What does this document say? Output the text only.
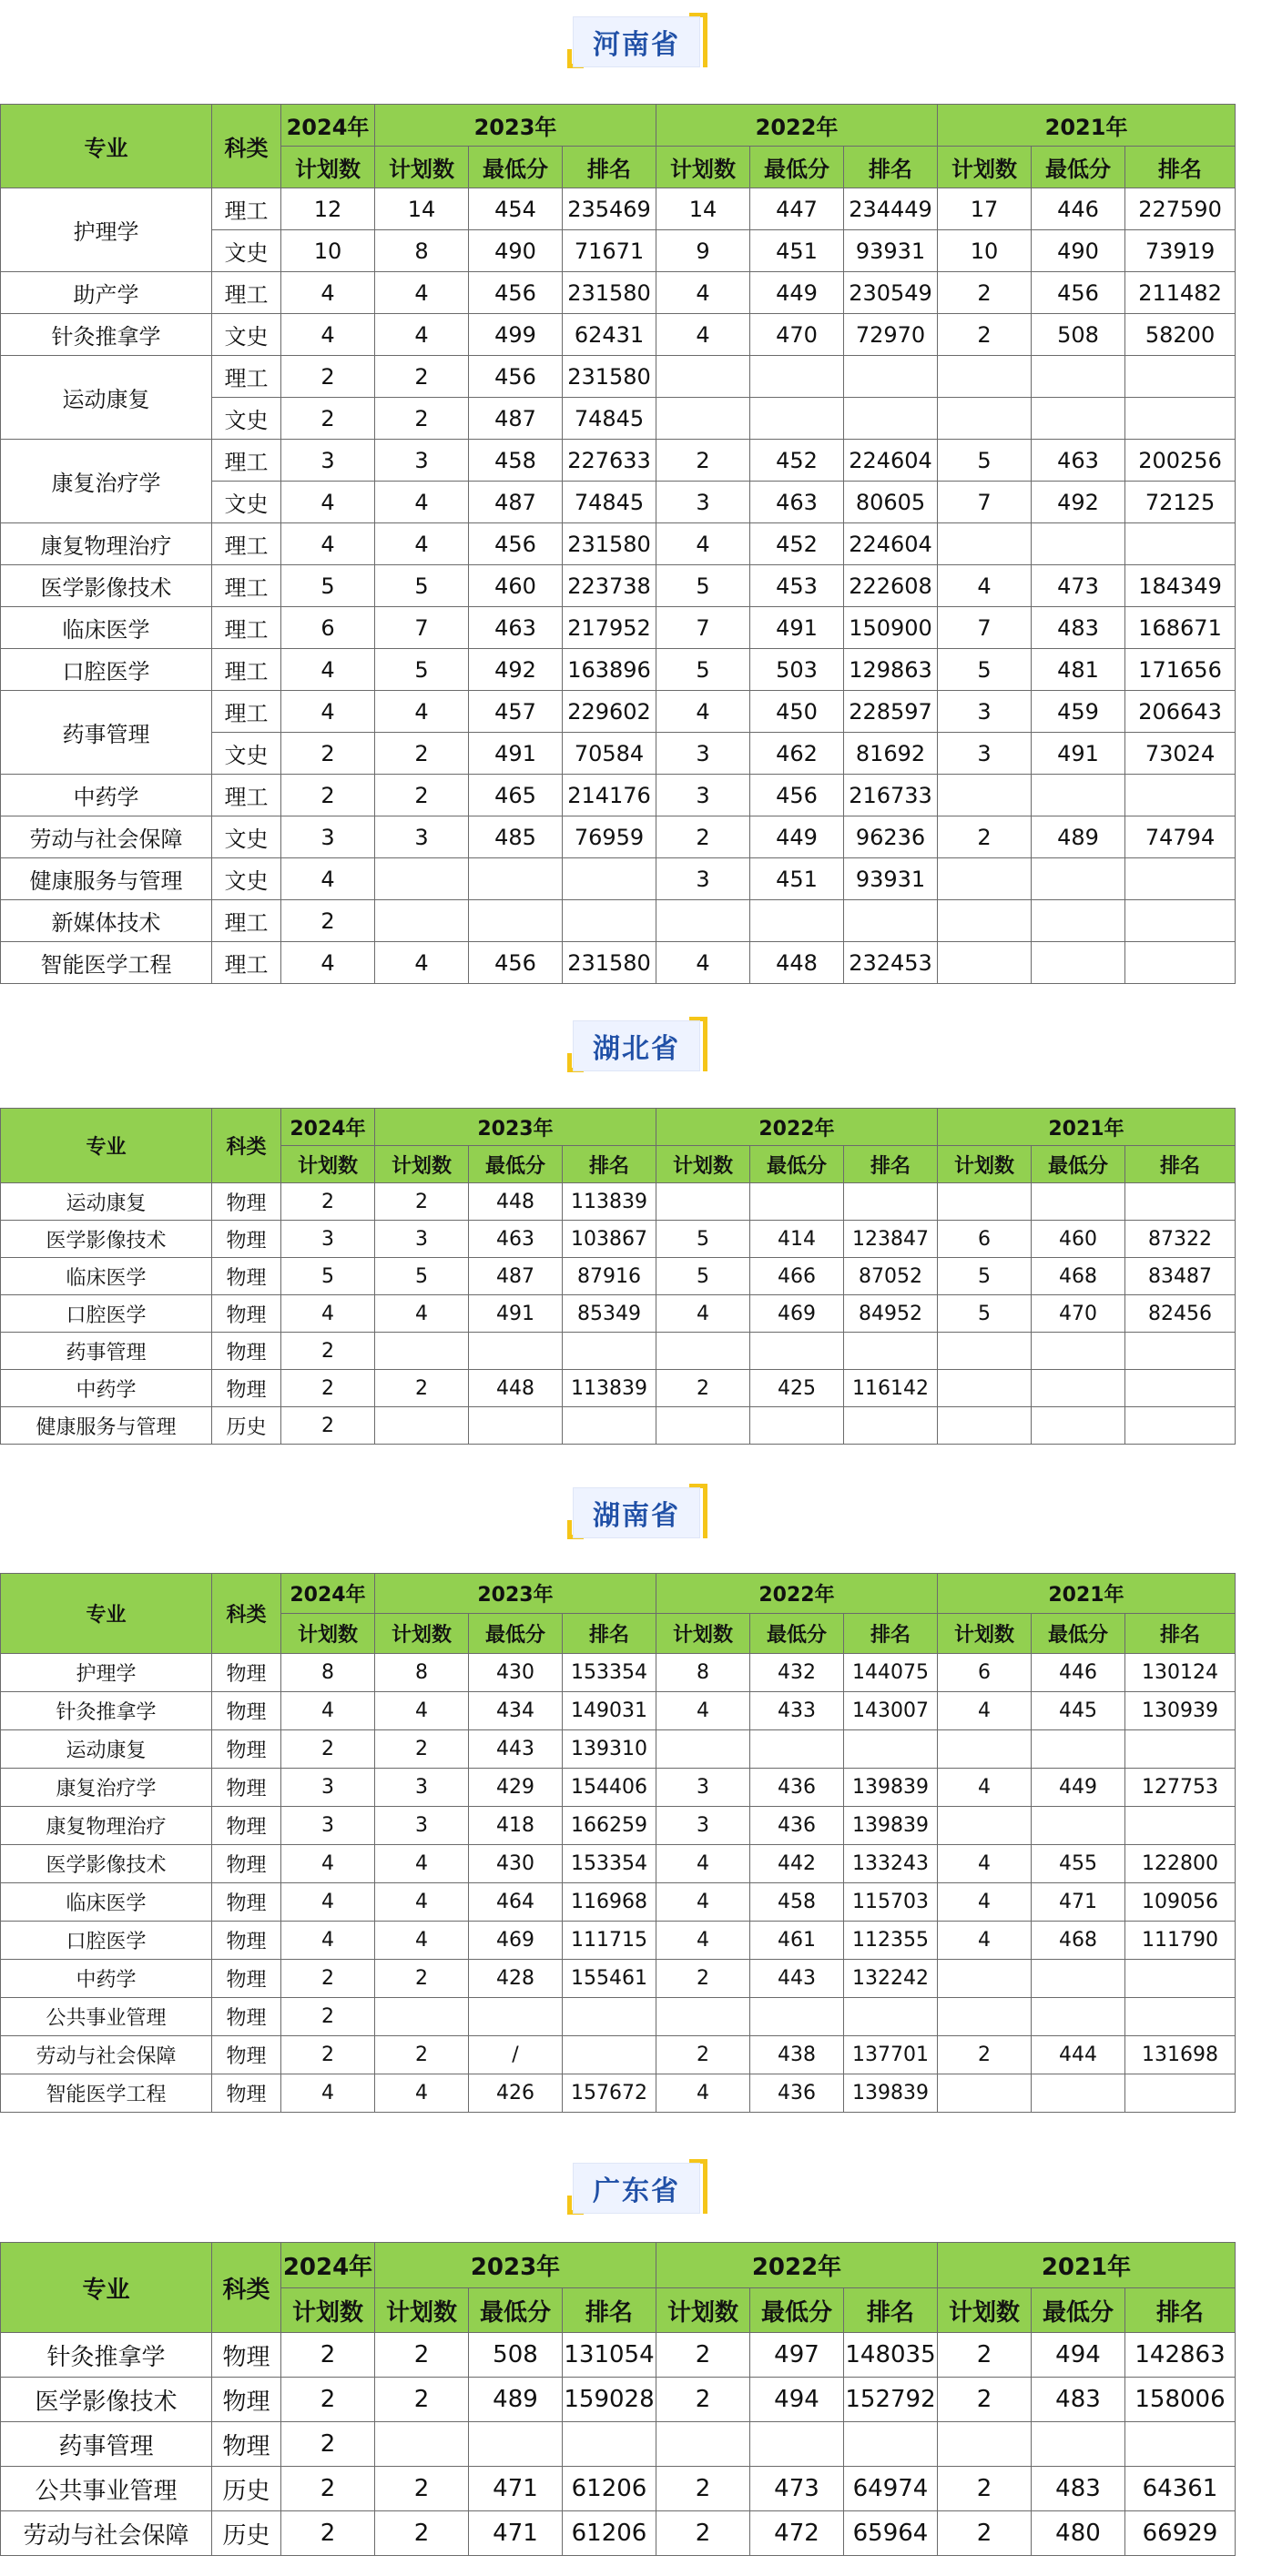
河南省
专业	科类	2024年	2023年			2022年			2021年		
		计划数	计划数	最低分	排名	计划数	最低分	排名	计划数	最低分	排名
护理学	理工	12	14	454	235469	14	447	234449	17	446	227590
	文史	10	8	490	71671	9	451	93931	10	490	73919
助产学	理工	4	4	456	231580	4	449	230549	2	456	211482
针灸推拿学	文史	4	4	499	62431	4	470	72970	2	508	58200
运动康复	理工	2	2	456	231580						
	文史	2	2	487	74845						
康复治疗学	理工	3	3	458	227633	2	452	224604	5	463	200256
	文史	4	4	487	74845	3	463	80605	7	492	72125
康复物理治疗	理工	4	4	456	231580	4	452	224604			
医学影像技术	理工	5	5	460	223738	5	453	222608	4	473	184349
临床医学	理工	6	7	463	217952	7	491	150900	7	483	168671
口腔医学	理工	4	5	492	163896	5	503	129863	5	481	171656
药事管理	理工	4	4	457	229602	4	450	228597	3	459	206643
	文史	2	2	491	70584	3	462	81692	3	491	73024
中药学	理工	2	2	465	214176	3	456	216733			
劳动与社会保障	文史	3	3	485	76959	2	449	96236	2	489	74794
健康服务与管理	文史	4				3	451	93931			
新媒体技术	理工	2									
智能医学工程	理工	4	4	456	231580	4	448	232453			
湖北省
专业	科类	2024年	2023年			2022年			2021年		
		计划数	计划数	最低分	排名	计划数	最低分	排名	计划数	最低分	排名
运动康复	物理	2	2	448	113839						
医学影像技术	物理	3	3	463	103867	5	414	123847	6	460	87322
临床医学	物理	5	5	487	87916	5	466	87052	5	468	83487
口腔医学	物理	4	4	491	85349	4	469	84952	5	470	82456
药事管理	物理	2									
中药学	物理	2	2	448	113839	2	425	116142			
健康服务与管理	历史	2									
湖南省
专业	科类	2024年	2023年			2022年			2021年		
		计划数	计划数	最低分	排名	计划数	最低分	排名	计划数	最低分	排名
护理学	物理	8	8	430	153354	8	432	144075	6	446	130124
针灸推拿学	物理	4	4	434	149031	4	433	143007	4	445	130939
运动康复	物理	2	2	443	139310						
康复治疗学	物理	3	3	429	154406	3	436	139839	4	449	127753
康复物理治疗	物理	3	3	418	166259	3	436	139839			
医学影像技术	物理	4	4	430	153354	4	442	133243	4	455	122800
临床医学	物理	4	4	464	116968	4	458	115703	4	471	109056
口腔医学	物理	4	4	469	111715	4	461	112355	4	468	111790
中药学	物理	2	2	428	155461	2	443	132242			
公共事业管理	物理	2									
劳动与社会保障	物理	2	2	/		2	438	137701	2	444	131698
智能医学工程	物理	4	4	426	157672	4	436	139839			
广东省
专业	科类	2024年	2023年			2022年			2021年		
		计划数	计划数	最低分	排名	计划数	最低分	排名	计划数	最低分	排名
针灸推拿学	物理	2	2	508	131054	2	497	148035	2	494	142863
医学影像技术	物理	2	2	489	159028	2	494	152792	2	483	158006
药事管理	物理	2									
公共事业管理	历史	2	2	471	61206	2	473	64974	2	483	64361
劳动与社会保障	历史	2	2	471	61206	2	472	65964	2	480	66929
